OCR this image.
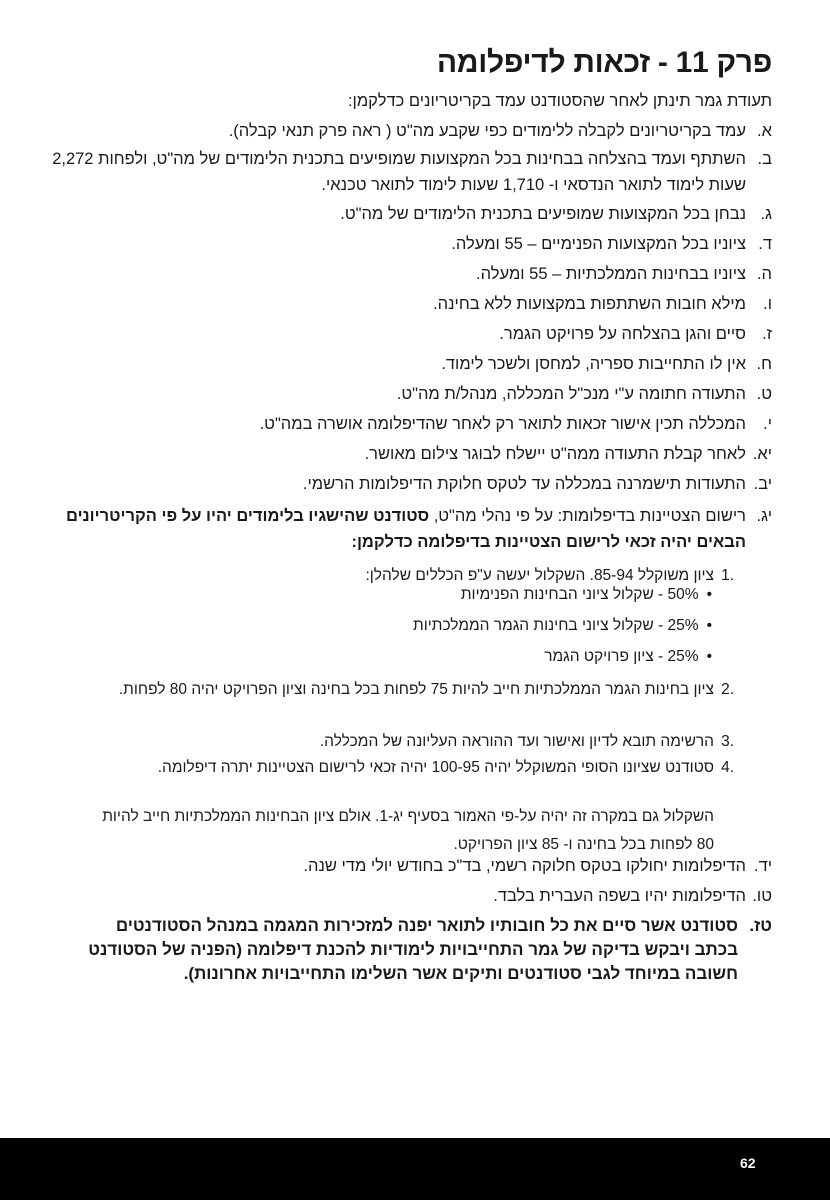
פרק 11 - זכאות לדיפלומה
תעודת גמר תינתן לאחר שהסטודנט עמד בקריטריונים כדלקמן:
א.
עמד בקריטריונים לקבלה ללימודים כפי שקבע מה"ט ( ראה פרק תנאי קבלה).
ב.
השתתף ועמד בהצלחה בבחינות בכל המקצועות שמופיעים בתכנית הלימודים של מה"ט, ולפחות 2,272 שעות לימוד לתואר הנדסאי ו- 1,710 שעות לימוד לתואר טכנאי.
ג.
נבחן בכל המקצועות שמופיעים בתכנית הלימודים של מה"ט.
ד.
ציוניו בכל המקצועות הפנימיים – 55 ומעלה.
ה.
ציוניו בבחינות הממלכתיות – 55 ומעלה.
ו.
מילא חובות השתתפות במקצועות ללא בחינה.
ז.
סיים והגן בהצלחה על פרויקט הגמר.
ח.
אין לו התחייבות ספריה, למחסן ולשכר לימוד.
ט.
התעודה חתומה ע"י מנכ"ל המכללה, מנהל/ת מה"ט.
י.
המכללה תכין אישור זכאות לתואר רק לאחר שהדיפלומה אושרה במה"ט.
יא.
לאחר קבלת התעודה ממה"ט יישלח לבוגר צילום מאושר.
יב.
התעודות תישמרנה במכללה עד לטקס חלוקת הדיפלומות הרשמי.
יג.
רישום הצטיינות בדיפלומות: על פי נהלי מה"ט, סטודנט שהישגיו בלימודים יהיו על פי הקריטריונים הבאים יהיה זכאי לרישום הצטיינות בדיפלומה כדלקמן:
.1
ציון משוקלל 85-94. השקלול יעשה ע"פ הכללים שלהלן:
•50% - שקלול ציוני הבחינות הפנימיות
•25% - שקלול ציוני בחינות הגמר הממלכתיות
•25% - ציון פרויקט הגמר
.2
ציון בחינות הגמר הממלכתיות חייב להיות 75 לפחות בכל בחינה וציון הפרויקט יהיה 80 לפחות.
.3
הרשימה תובא לדיון ואישור ועד ההוראה העליונה של המכללה.
.4
סטודנט שציונו הסופי המשוקלל יהיה 100-95 יהיה זכאי לרישום הצטיינות יתרה דיפלומה.
השקלול גם במקרה זה יהיה על-פי האמור בסעיף יג-1. אולם ציון הבחינות הממלכתיות חייב להיות 80 לפחות בכל בחינה ו- 85 ציון הפרויקט.
יד.
הדיפלומות יחולקו בטקס חלוקה רשמי, בד"כ בחודש יולי מדי שנה.
טו.
הדיפלומות יהיו בשפה העברית בלבד.
טז.
סטודנט אשר סיים את כל חובותיו לתואר יפנה למזכירות המגמה במנהל הסטודנטים בכתב ויבקש בדיקה של גמר התחייבויות לימודיות להכנת דיפלומה (הפניה של הסטודנט חשובה במיוחד לגבי סטודנטים ותיקים אשר השלימו התחייבויות אחרונות).
62
